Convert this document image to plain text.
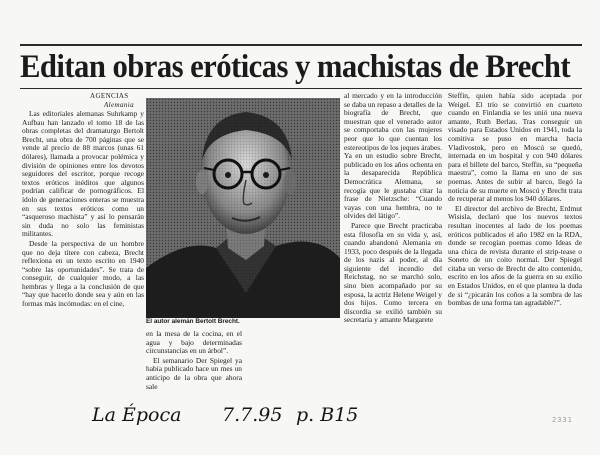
Editan obras eróticas y machistas de Brecht
AGENCIAS
Alemania

Las editoriales alemanas Suhrkamp y Aufbau han lanzado el tomo 18 de las obras completas del dramaturgo Bertolt Brecht, una obra de 700 páginas que se vende al precio de 88 marcos (unas 61 dólares), llamada a provocar polémica y división de opiniones entre los devotos seguidores del escritor, porque recoge textos eróticos inéditos que algunos podrían calificar de pornográficos. El ídolo de generaciones enteras se muestra en sus textos eróticos como un “asqueroso machista” y así lo pensarán sin duda no solo las feministas militantes.

Desde la perspectiva de un hombre que no deja títere con cabeza, Brecht reflexiona en un texto escrito en 1940 “sobre las oportunidades”. Se trata de conseguir, de cualquier modo, a las hembras y llega a la conclusión de que “hay que hacerlo donde sea y aún en las formas más incómodas: en el cine,

El autor alemán Bertolt Brecht.

en la mesa de la cocina, en el agua y bajo determinadas circunstancias en un árbol”.

El semanario Der Spiegel ya había publicado hace un mes un anticipo de la obra que ahora sale

al mercado y en la introducción se daba un repaso a detalles de la biografía de Brecht, que muestran que el venerado autor se comportaba con las mujeres peor que lo que cuentan los estereotipos de los jeques árabes. Ya en un estudio sobre Brecht, publicado en los años ochenta en la desaparecida República Democrática Alemana, se recogía que le gustaba citar la frase de Nietzsche: “Cuando vayas con una hembra, no te olvides del látigo”.

Parece que Brecht practicaba esta filosofía en su vida y, así, cuando abandonó Alemania en 1933, poco después de la llegada de los nazis al poder, al día siguiente del incendio del Reichstag, no se marchó solo, sino bien acompañado por su esposa, la actriz Helene Weigel y dos hijos. Como tercera en discordia se exilió también su secretaria y amante Margarete

Steffin, quien había sido aceptada por Weigel. El trío se convirtió en cuarteto cuando en Finlandia se les unió una nueva amante, Ruth Berlau. Tras conseguir un visado para Estados Unidos en 1941, toda la comitiva se puso en marcha hacia Vladivostok, pero en Moscú se quedó, internada en un hospital y con 940 dólares para el billete del barco, Steffin, su “pequeña maestra”, como la llama en uno de sus poemas. Antes de subir al barco, llegó la noticia de su muerte en Moscú y Brecht trata de recuperar al menos los 940 dólares.

El director del archivo de Brecht, Erdmut Wisisla, declaró que los nuevos textos resultan inocentes al lado de los poemas eróticos publicados el año 1982 en la RDA, donde se recogían poemas como Ideas de una chica de revista durante el strip-tease o Soneto de un coito normal. Der Spiegel citaba un verso de Brecht de alto contenido, escrito en los años de la guerra en su exilio en Estados Unidos, en el que plantea la duda de si “¿picarán los coños a la sombra de las bombas de una forma tan agradable?”.

La Época 7.7.95 p. B15	2331
